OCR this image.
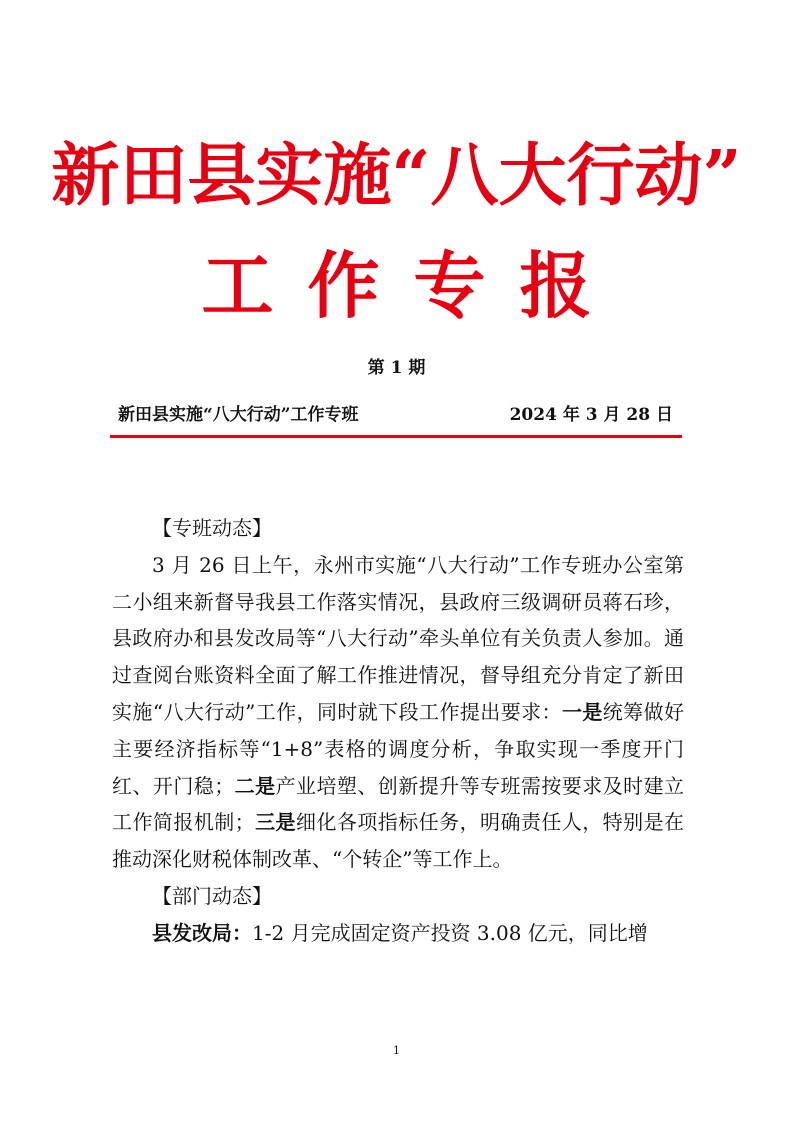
新田县实施“八大行动”
工作专报
第 1 期
新田县实施“八大行动”工作专班	2024 年 3 月 28 日

【专班动态】

3 月 26 日上午，永州市实施“八大行动”工作专班办公室第二小组来新督导我县工作落实情况，县政府三级调研员蒋石珍，县政府办和县发改局等“八大行动”牵头单位有关负责人参加。通过查阅台账资料全面了解工作推进情况，督导组充分肯定了新田实施“八大行动”工作，同时就下段工作提出要求：一是统筹做好主要经济指标等“1+8”表格的调度分析，争取实现一季度开门红、开门稳；二是产业培塑、创新提升等专班需按要求及时建立工作简报机制；三是细化各项指标任务，明确责任人，特别是在推动深化财税体制改革、“个转企”等工作上。

【部门动态】

县发改局：1-2 月完成固定资产投资 3.08 亿元，同比增

1
